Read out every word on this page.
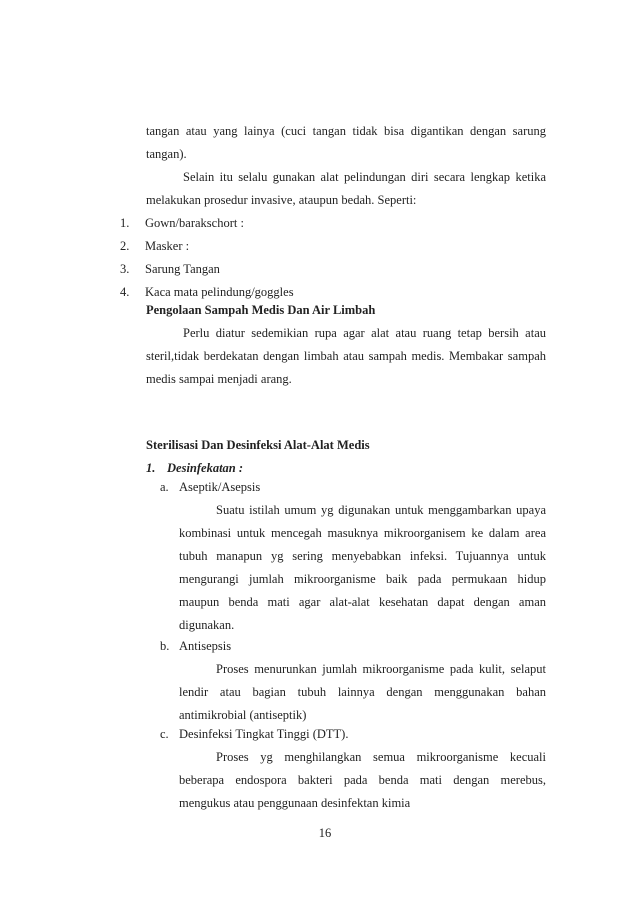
tangan atau yang lainya (cuci tangan tidak bisa digantikan dengan sarung
tangan).
Selain itu selalu gunakan alat pelindungan diri secara lengkap ketika
melakukan prosedur invasive, ataupun bedah. Seperti:
1. Gown/barakschort :
2. Masker :
3. Sarung Tangan
4. Kaca mata pelindung/goggles
Pengolaan Sampah Medis Dan Air Limbah
Perlu diatur sedemikian rupa agar alat atau ruang tetap bersih atau
steril,tidak berdekatan dengan limbah atau sampah medis. Membakar sampah
medis sampai menjadi arang.
Sterilisasi Dan Desinfeksi Alat-Alat Medis
1. Desinfekatan :
a. Aseptik/Asepsis
Suatu istilah umum yg digunakan untuk menggambarkan upaya
kombinasi untuk mencegah masuknya mikroorganisem ke dalam area
tubuh manapun yg sering menyebabkan infeksi. Tujuannya untuk
mengurangi jumlah mikroorganisme baik pada permukaan hidup
maupun benda mati agar alat-alat kesehatan dapat dengan aman
digunakan.
b. Antisepsis
Proses menurunkan jumlah mikroorganisme pada kulit, selaput
lendir atau bagian tubuh lainnya dengan menggunakan bahan
antimikrobial (antiseptik)
c. Desinfeksi Tingkat Tinggi (DTT).
Proses yg menghilangkan semua mikroorganisme kecuali
beberapa endospora bakteri pada benda mati dengan merebus,
mengukus atau penggunaan desinfektan kimia
16
